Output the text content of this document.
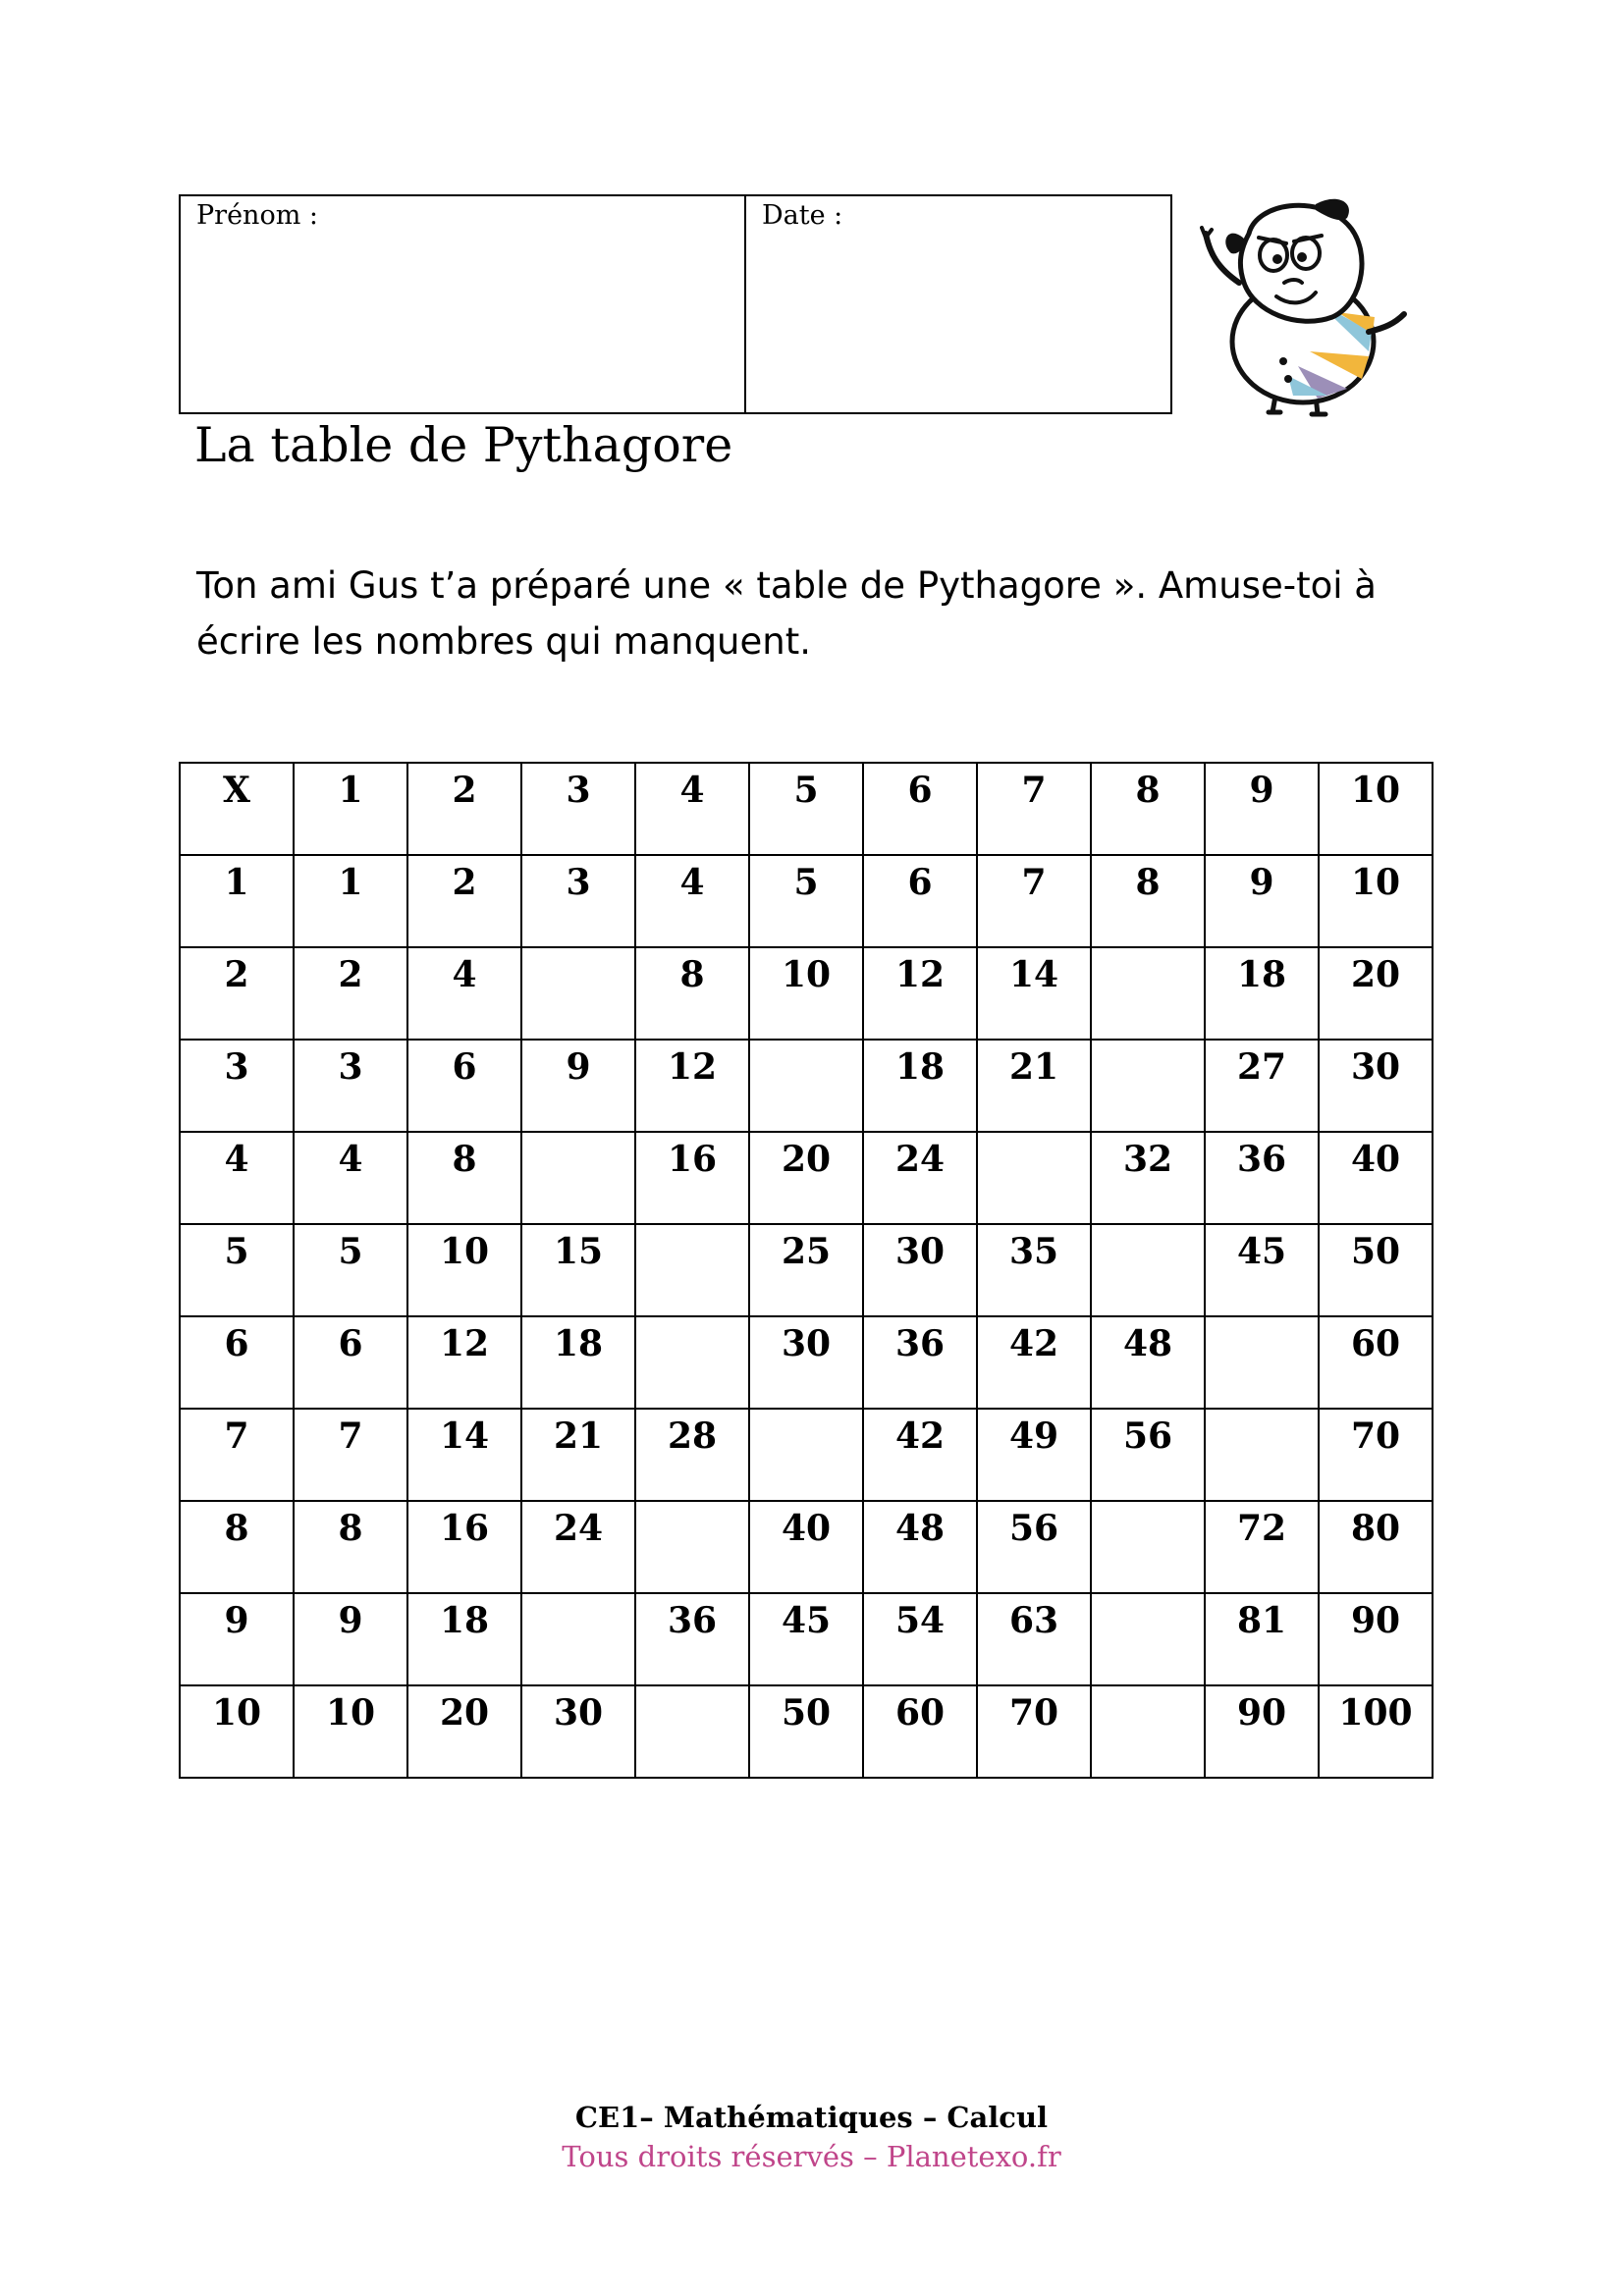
Prénom :	Date :
La table de Pythagore
Ton ami Gus t’a préparé une « table de Pythagore ». Amuse-toi à
écrire les nombres qui manquent.
X	1	2	3	4	5	6	7	8	9	10
1	1	2	3	4	5	6	7	8	9	10
2	2	4		8	10	12	14		18	20
3	3	6	9	12		18	21		27	30
4	4	8		16	20	24		32	36	40
5	5	10	15		25	30	35		45	50
6	6	12	18		30	36	42	48		60
7	7	14	21	28		42	49	56		70
8	8	16	24		40	48	56		72	80
9	9	18		36	45	54	63		81	90
10	10	20	30		50	60	70		90	100
CE1– Mathématiques – Calcul
Tous droits réservés – Planetexo.fr
